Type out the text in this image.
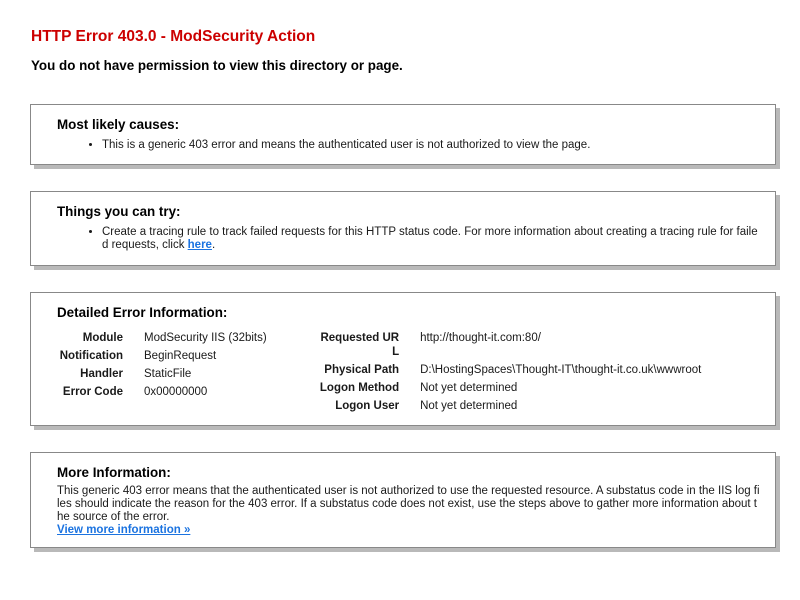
HTTP Error 403.0 - ModSecurity Action
You do not have permission to view this directory or page.
Most likely causes:
• This is a generic 403 error and means the authenticated user is not authorized to view the page.
Things you can try:
• Create a tracing rule to track failed requests for this HTTP status code. For more information about creating a tracing rule for failed requests, click here.
Detailed Error Information:
Module	ModSecurity IIS (32bits)
Notification	BeginRequest
Handler	StaticFile
Error Code	0x00000000
Requested URL	http://thought-it.com:80/
Physical Path	D:\HostingSpaces\Thought-IT\thought-it.co.uk\wwwroot
Logon Method	Not yet determined
Logon User	Not yet determined
More Information:
This generic 403 error means that the authenticated user is not authorized to use the requested resource. A substatus code in the IIS log files should indicate the reason for the 403 error. If a substatus code does not exist, use the steps above to gather more information about the source of the error.
View more information »
